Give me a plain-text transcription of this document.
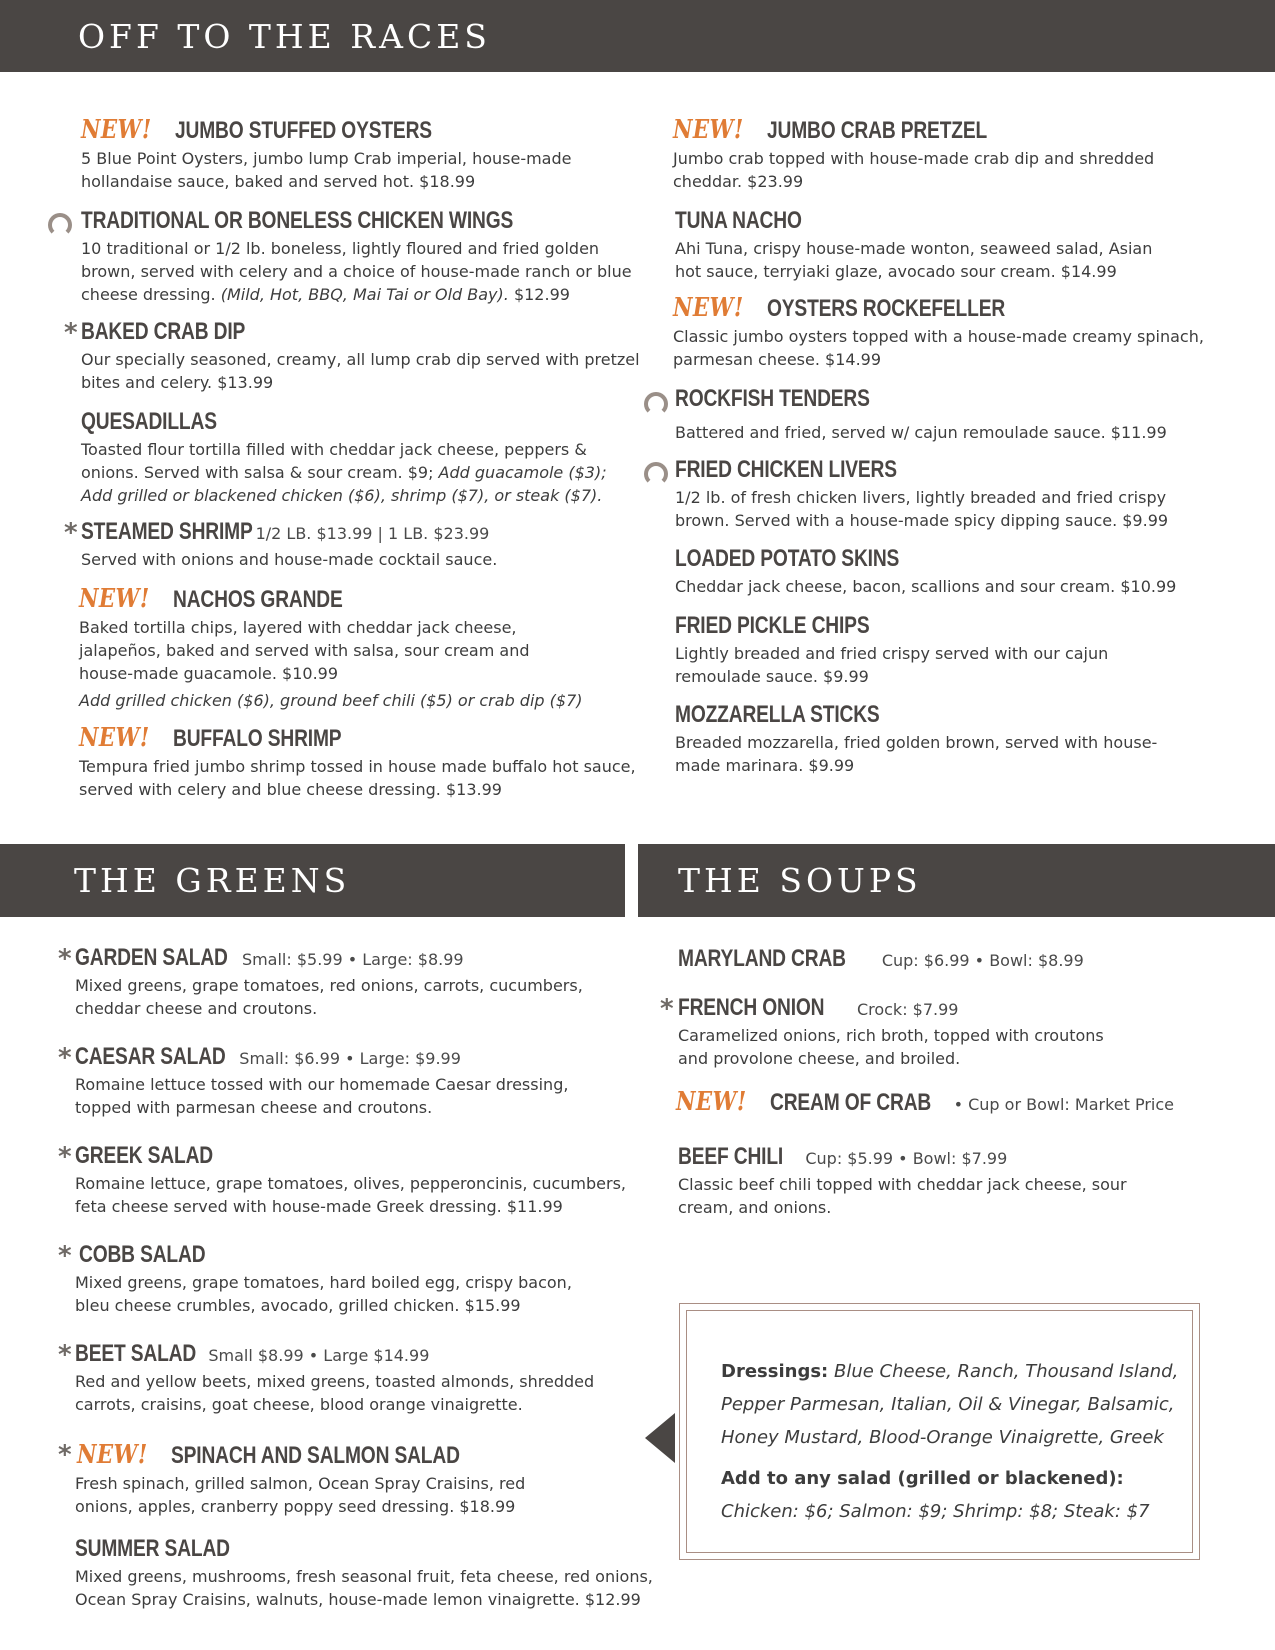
OFF TO THE RACES
THE GREENS	THE SOUPS
NEW! JUMBO STUFFED OYSTERS
5 Blue Point Oysters, jumbo lump Crab imperial, house-made hollandaise sauce, baked and served hot. $18.99
TRADITIONAL OR BONELESS CHICKEN WINGS
10 traditional or 1/2 lb. boneless, lightly floured and fried golden brown, served with celery and a choice of house-made ranch or blue cheese dressing. (Mild, Hot, BBQ, Mai Tai or Old Bay). $12.99
* BAKED CRAB DIP
Our specially seasoned, creamy, all lump crab dip served with pretzel bites and celery. $13.99
QUESADILLAS
Toasted flour tortilla filled with cheddar jack cheese, peppers & onions. Served with salsa & sour cream. $9; Add guacamole ($3); Add grilled or blackened chicken ($6), shrimp ($7), or steak ($7).
* STEAMED SHRIMP 1/2 LB. $13.99 | 1 LB. $23.99
Served with onions and house-made cocktail sauce.
NEW! NACHOS GRANDE
Baked tortilla chips, layered with cheddar jack cheese, jalapeños, baked and served with salsa, sour cream and house-made guacamole. $10.99
Add grilled chicken ($6), ground beef chili ($5) or crab dip ($7)
NEW! BUFFALO SHRIMP
Tempura fried jumbo shrimp tossed in house made buffalo hot sauce, served with celery and blue cheese dressing. $13.99
NEW! JUMBO CRAB PRETZEL
Jumbo crab topped with house-made crab dip and shredded cheddar. $23.99
TUNA NACHO
Ahi Tuna, crispy house-made wonton, seaweed salad, Asian hot sauce, terryiaki glaze, avocado sour cream. $14.99
NEW! OYSTERS ROCKEFELLER
Classic jumbo oysters topped with a house-made creamy spinach, parmesan cheese. $14.99
ROCKFISH TENDERS
Battered and fried, served w/ cajun remoulade sauce. $11.99
FRIED CHICKEN LIVERS
1/2 lb. of fresh chicken livers, lightly breaded and fried crispy brown. Served with a house-made spicy dipping sauce. $9.99
LOADED POTATO SKINS
Cheddar jack cheese, bacon, scallions and sour cream. $10.99
FRIED PICKLE CHIPS
Lightly breaded and fried crispy served with our cajun remoulade sauce. $9.99
MOZZARELLA STICKS
Breaded mozzarella, fried golden brown, served with house-made marinara. $9.99
* GARDEN SALAD Small: $5.99 • Large: $8.99
Mixed greens, grape tomatoes, red onions, carrots, cucumbers, cheddar cheese and croutons.
* CAESAR SALAD Small: $6.99 • Large: $9.99
Romaine lettuce tossed with our homemade Caesar dressing, topped with parmesan cheese and croutons.
* GREEK SALAD
Romaine lettuce, grape tomatoes, olives, pepperoncinis, cucumbers, feta cheese served with house-made Greek dressing. $11.99
* COBB SALAD
Mixed greens, grape tomatoes, hard boiled egg, crispy bacon, bleu cheese crumbles, avocado, grilled chicken. $15.99
* BEET SALAD Small $8.99 • Large $14.99
Red and yellow beets, mixed greens, toasted almonds, shredded carrots, craisins, goat cheese, blood orange vinaigrette.
* NEW! SPINACH AND SALMON SALAD
Fresh spinach, grilled salmon, Ocean Spray Craisins, red onions, apples, cranberry poppy seed dressing. $18.99
SUMMER SALAD
Mixed greens, mushrooms, fresh seasonal fruit, feta cheese, red onions, Ocean Spray Craisins, walnuts, house-made lemon vinaigrette. $12.99
MARYLAND CRAB Cup: $6.99 • Bowl: $8.99
* FRENCH ONION Crock: $7.99
Caramelized onions, rich broth, topped with croutons and provolone cheese, and broiled.
NEW! CREAM OF CRAB • Cup or Bowl: Market Price
BEEF CHILI Cup: $5.99 • Bowl: $7.99
Classic beef chili topped with cheddar jack cheese, sour cream, and onions.
Dressings: Blue Cheese, Ranch, Thousand Island, Pepper Parmesan, Italian, Oil & Vinegar, Balsamic, Honey Mustard, Blood-Orange Vinaigrette, Greek
Add to any salad (grilled or blackened):
Chicken: $6; Salmon: $9; Shrimp: $8; Steak: $7
